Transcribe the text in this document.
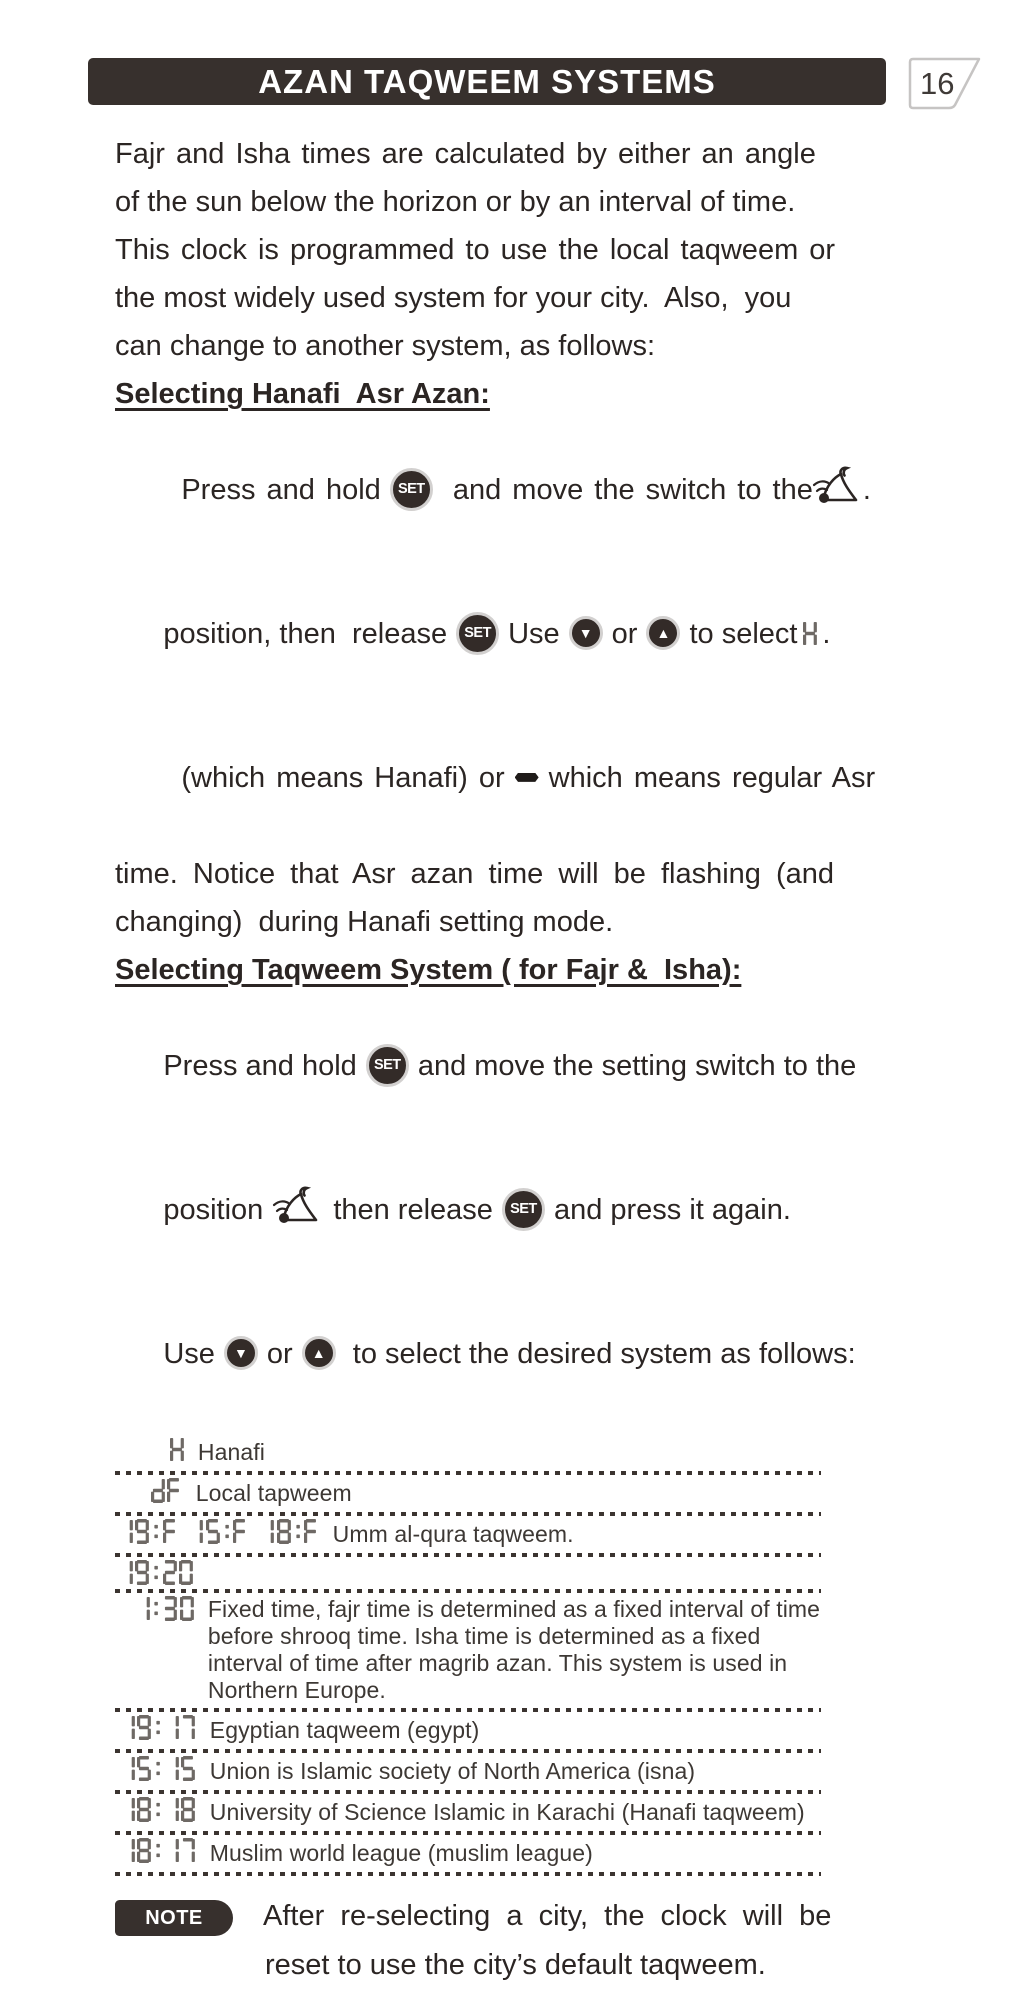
AZAN TAQWEEM SYSTEMS	16
Fajr and Isha times are calculated by either an angle
of the sun below the horizon or by an interval of time.
This clock is programmed to use the local taqweem or
the most widely used system for your city.  Also,  you
can change to another system, as follows:
Selecting Hanafi  Asr Azan:

Press and hold SET and move the switch to the .

position, then  release SET Use ▼ or ▲ to select .

(which means Hanafi) or which means regular Asr

time. Notice that Asr azan time will be flashing (and
changing)  during Hanafi setting mode.
Selecting Taqweem System ( for Fajr &  Isha):

Press and hold SET and move the setting switch to the

position then release SET and press it again.

Use ▼ or ▲ to select the desired system as follows:

Hanafi
Local tapweem
Umm al-qura taqweem.
Fixed time, fajr time is determined as a fixed interval of time before shrooq time. Isha time is determined as a fixed interval of time after magrib azan. This system is used in Northern Europe.
Egyptian taqweem (egypt)
Union is Islamic society of North America (isna)
University of Science Islamic in Karachi (Hanafi taqweem)
Muslim world league (muslim league)
NOTE	After  re-selecting  a  city,  the  clock  will  be
reset to use the city’s default taqweem.
